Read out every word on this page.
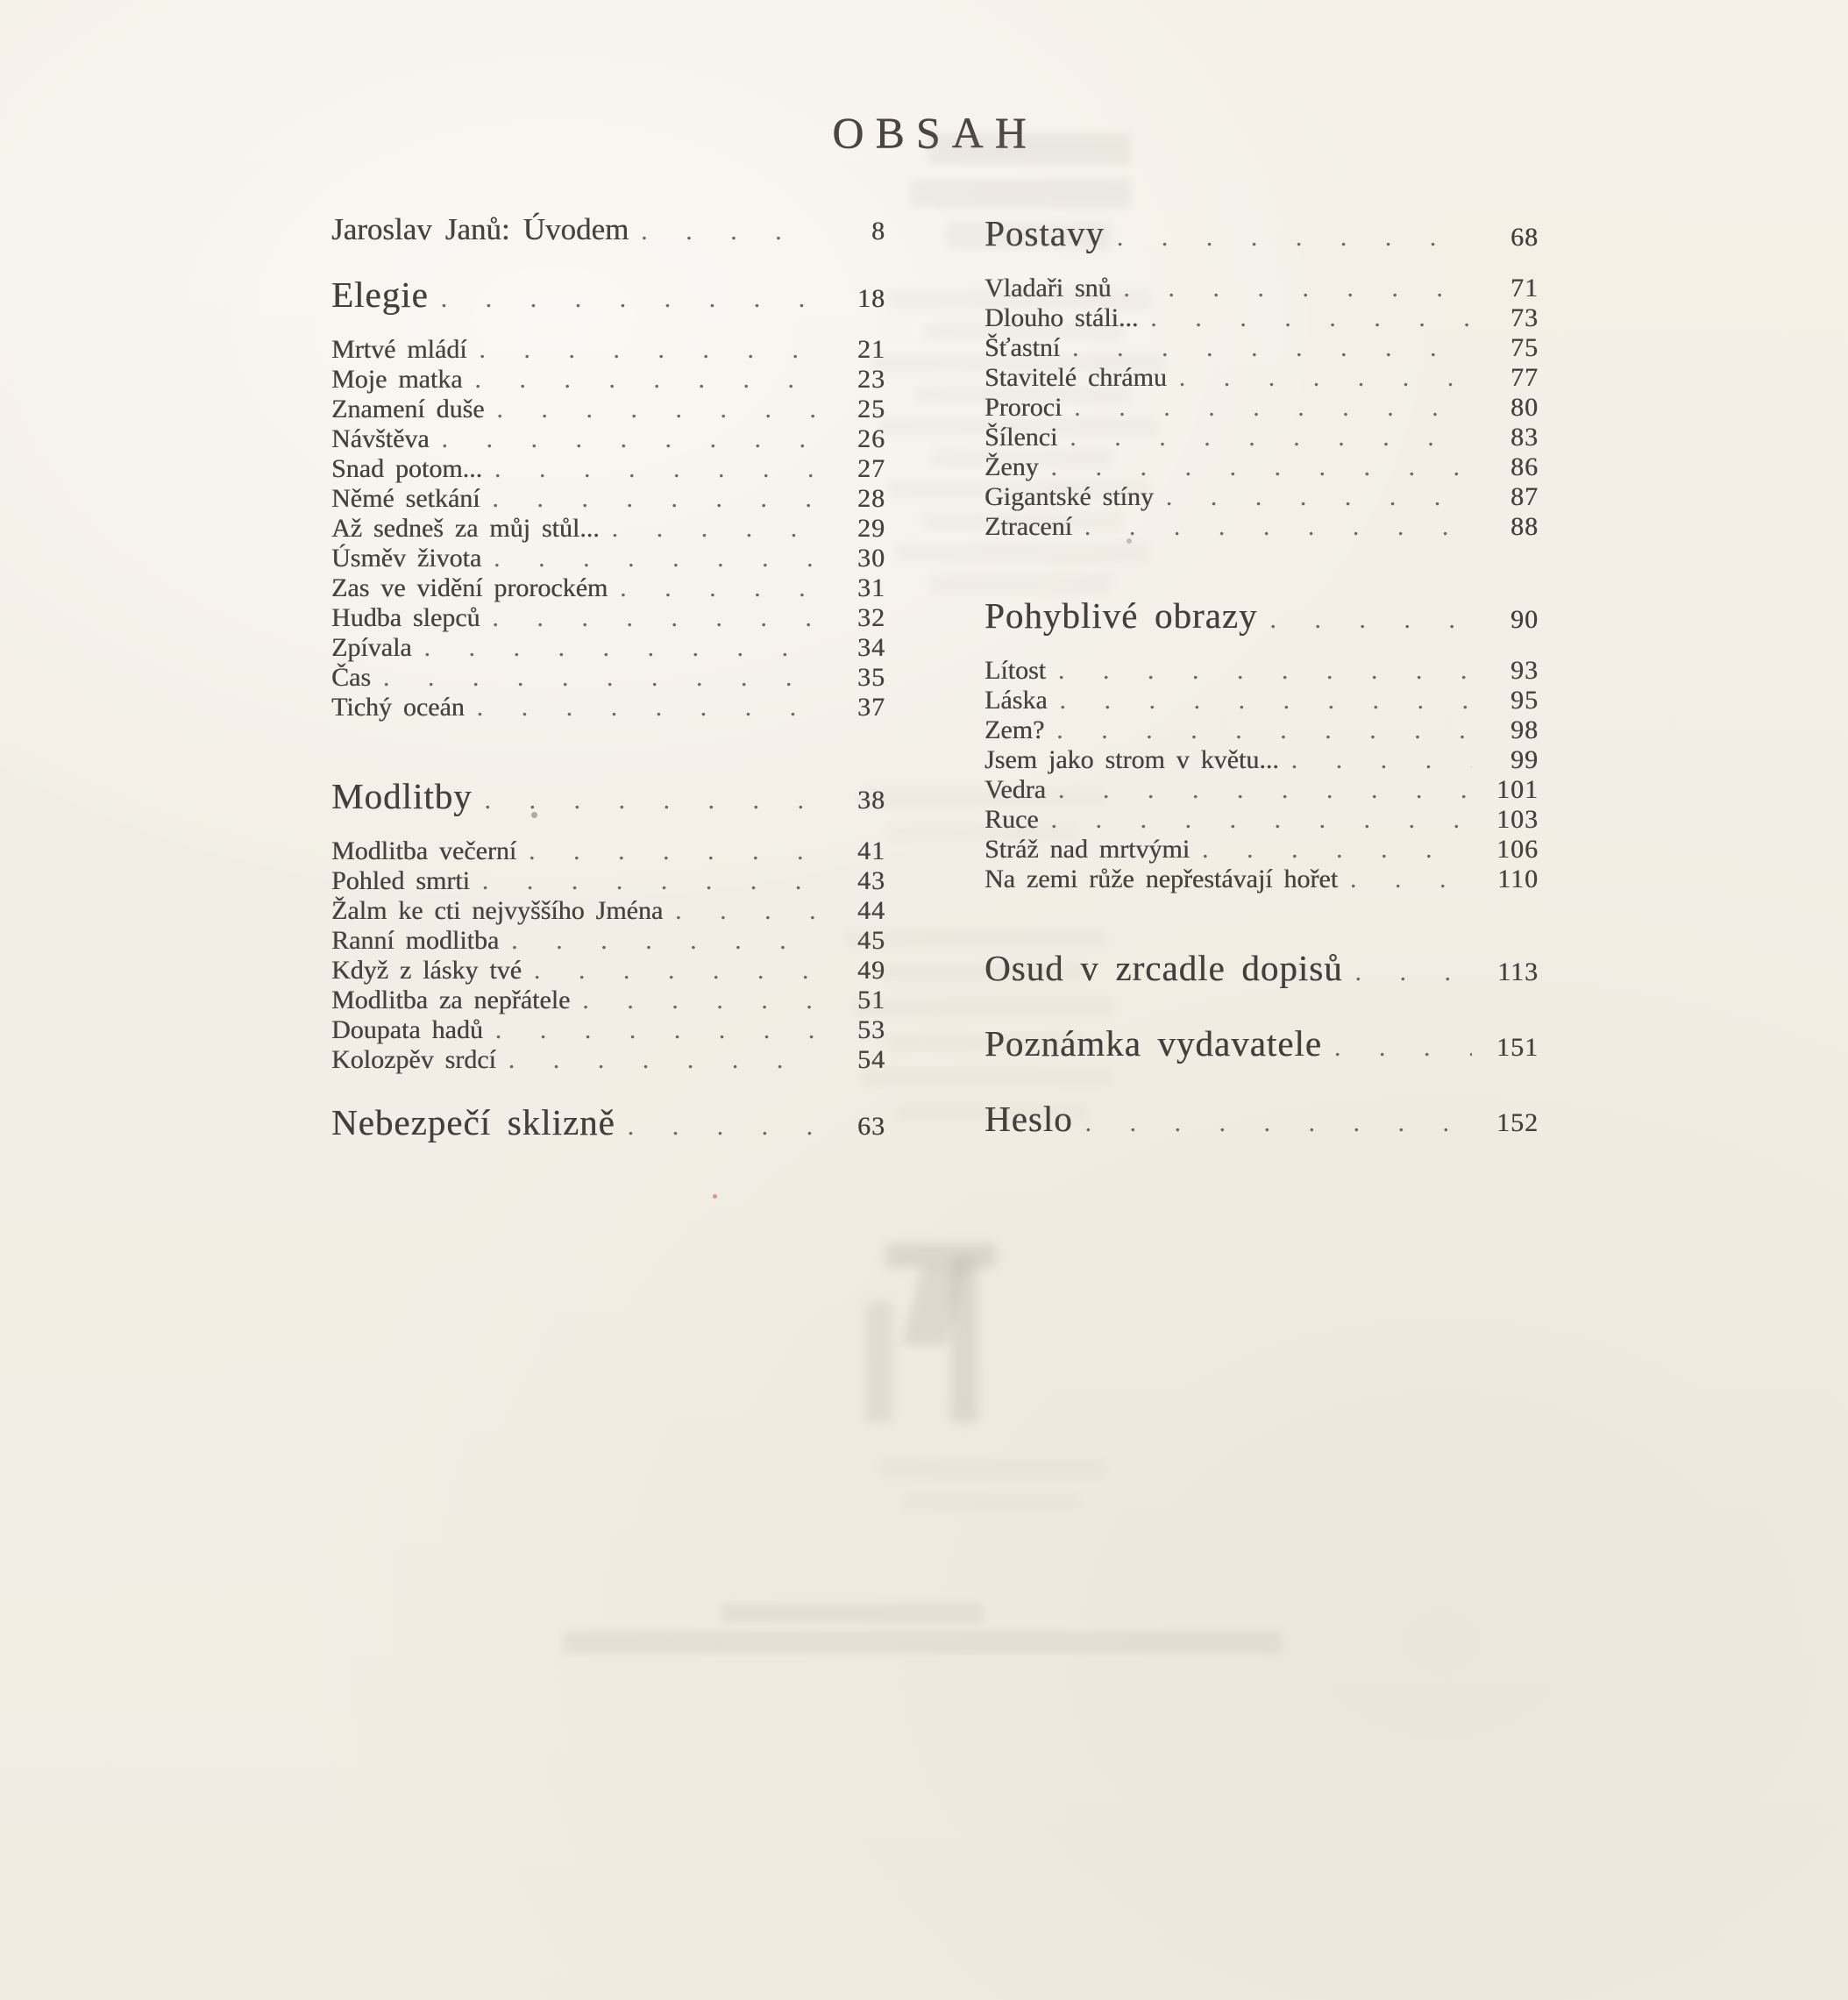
OBSAH
Jaroslav Janů: Úvodem .....	8
Elegie .....	18
Mrtvé mládí .....	21
Moje matka .....	23
Znamení duše .....	25
Návštěva .....	26
Snad potom... .....	27
Němé setkání .....	28
Až sedneš za můj stůl... .....	29
Úsměv života .....	30
Zas ve vidění prorockém .....	31
Hudba slepců .....	32
Zpívala .....	34
Čas .....	35
Tichý oceán .....	37
Modlitby .....	38
Modlitba večerní .....	41
Pohled smrti .....	43
Žalm ke cti nejvyššího Jména .....	44
Ranní modlitba .....	45
Když z lásky tvé .....	49
Modlitba za nepřátele .....	51
Doupata hadů .....	53
Kolozpěv srdcí .....	54
Nebezpečí sklizně .....	63
Postavy .....	68
Vladaři snů .....	71
Dlouho stáli... .....	73
Šťastní .....	75
Stavitelé chrámu .....	77
Proroci .....	80
Šílenci .....	83
Ženy .....	86
Gigantské stíny .....	87
Ztracení .....	88
Pohyblivé obrazy .....	90
Lítost .....	93
Láska .....	95
Zem? .....	98
Jsem jako strom v květu... .....	99
Vedra .....	101
Ruce .....	103
Stráž nad mrtvými .....	106
Na zemi růže nepřestávají hořet .....	110
Osud v zrcadle dopisů .....	113
Poznámka vydavatele .....	151
Heslo .....	152
